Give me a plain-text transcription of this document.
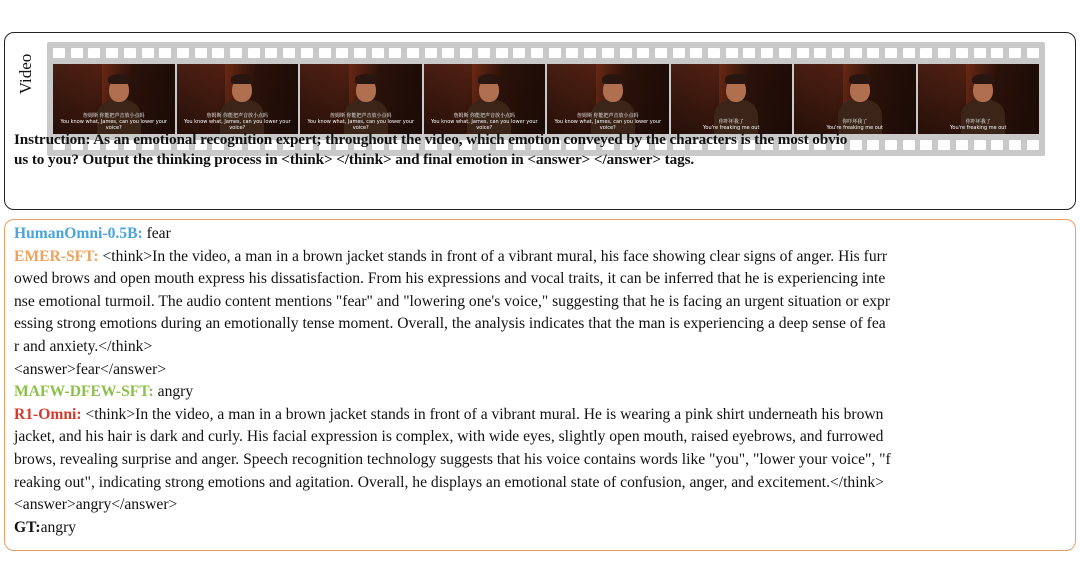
Video
詹姆斯 你能把声音放小点吗
You know what, James, can you lower your voice?
詹姆斯 你能把声音放小点吗
You know what, James, can you lower your voice?
詹姆斯 你能把声音放小点吗
You know what, James, can you lower your voice?
詹姆斯 你能把声音放小点吗
You know what, James, can you lower your voice?
詹姆斯 你能把声音放小点吗
You know what, James, can you lower your voice?
你吓坏我了
You're freaking me out
你吓坏我了
You're freaking me out
你吓坏我了
You're freaking me out
Instruction: As an emotional recognition expert; throughout the video, which emotion conveyed by the characters is the most obvio
us to you? Output the thinking process in <think> </think> and final emotion in <answer> </answer> tags.

HumanOmni-0.5B: fear

EMER-SFT: <think>In the video, a man in a brown jacket stands in front of a vibrant mural, his face showing clear signs of anger. His furr

owed brows and open mouth express his dissatisfaction. From his expressions and vocal traits, it can be inferred that he is experiencing inte

nse emotional turmoil. The audio content mentions "fear" and "lowering one's voice," suggesting that he is facing an urgent situation or expr

essing strong emotions during an emotionally tense moment. Overall, the analysis indicates that the man is experiencing a deep sense of fea

r and anxiety.</think>

<answer>fear</answer>

MAFW-DFEW-SFT: angry

R1-Omni: <think>In the video, a man in a brown jacket stands in front of a vibrant mural. He is wearing a pink shirt underneath his brown

jacket, and his hair is dark and curly. His facial expression is complex, with wide eyes, slightly open mouth, raised eyebrows, and furrowed

brows, revealing surprise and anger. Speech recognition technology suggests that his voice contains words like "you", "lower your voice", "f

reaking out", indicating strong emotions and agitation. Overall, he displays an emotional state of confusion, anger, and excitement.</think>

<answer>angry</answer>

GT:angry
